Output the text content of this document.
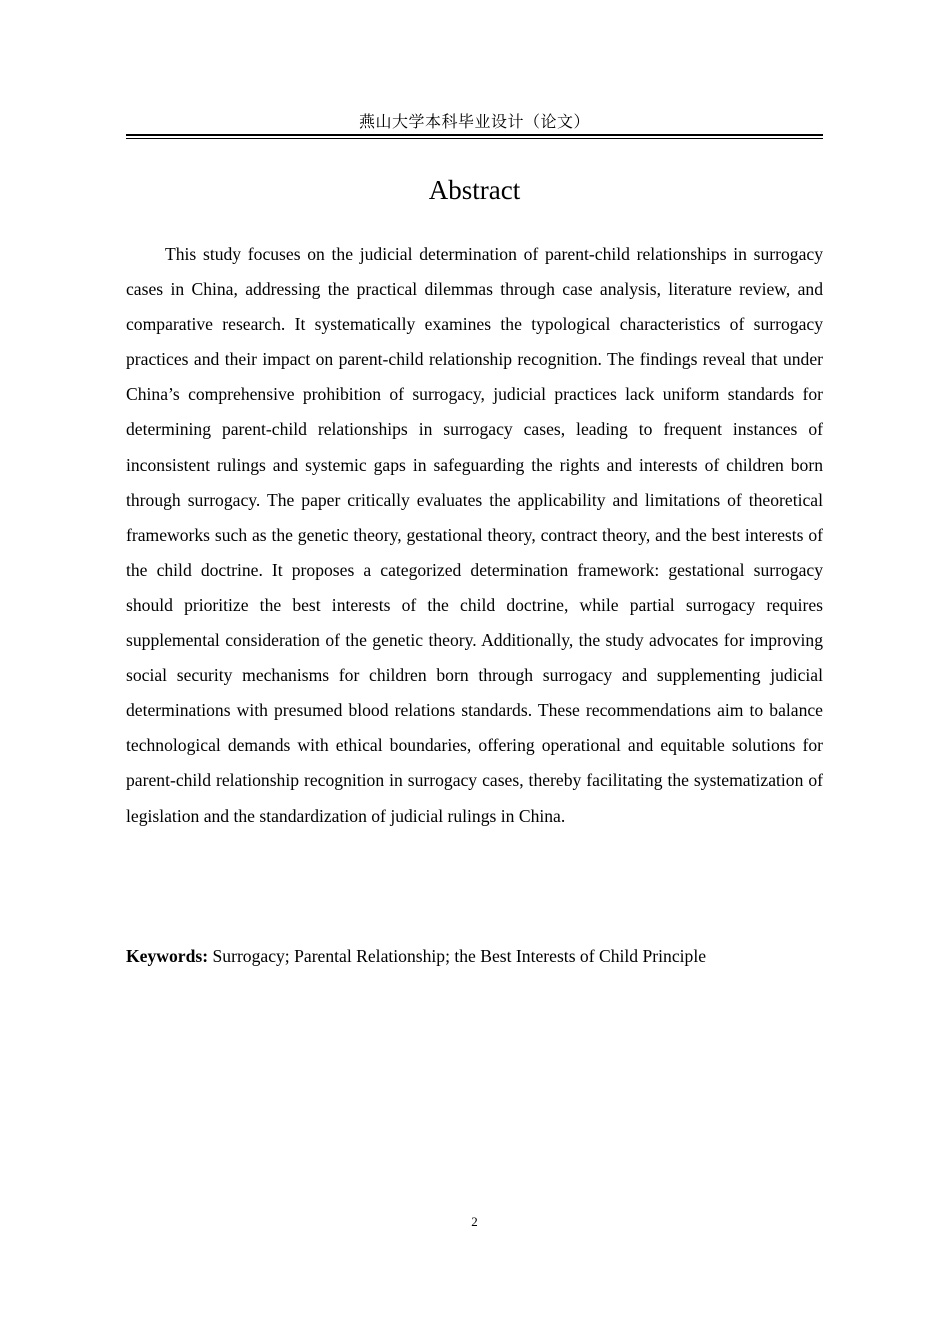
燕山大学本科毕业设计（论文）
Abstract

This study focuses on the judicial determination of parent-child relationships in surrogacy cases in China, addressing the practical dilemmas through case analysis, literature review, and comparative research. It systematically examines the typological characteristics of surrogacy practices and their impact on parent-child relationship recognition. The findings reveal that under China’s comprehensive prohibition of surrogacy, judicial practices lack uniform standards for determining parent-child relationships in surrogacy cases, leading to frequent instances of inconsistent rulings and systemic gaps in safeguarding the rights and interests of children born through surrogacy. The paper critically evaluates the applicability and limitations of theoretical frameworks such as the genetic theory, gestational theory, contract theory, and the best interests of the child doctrine. It proposes a categorized determination framework: gestational surrogacy should prioritize the best interests of the child doctrine, while partial surrogacy requires supplemental consideration of the genetic theory. Additionally, the study advocates for improving social security mechanisms for children born through surrogacy and supplementing judicial determinations with presumed blood relations standards. These recommendations aim to balance technological demands with ethical boundaries, offering operational and equitable solutions for parent-child relationship recognition in surrogacy cases, thereby facilitating the systematization of legislation and the standardization of judicial rulings in China.

Keywords: Surrogacy; Parental Relationship; the Best Interests of Child Principle

2
